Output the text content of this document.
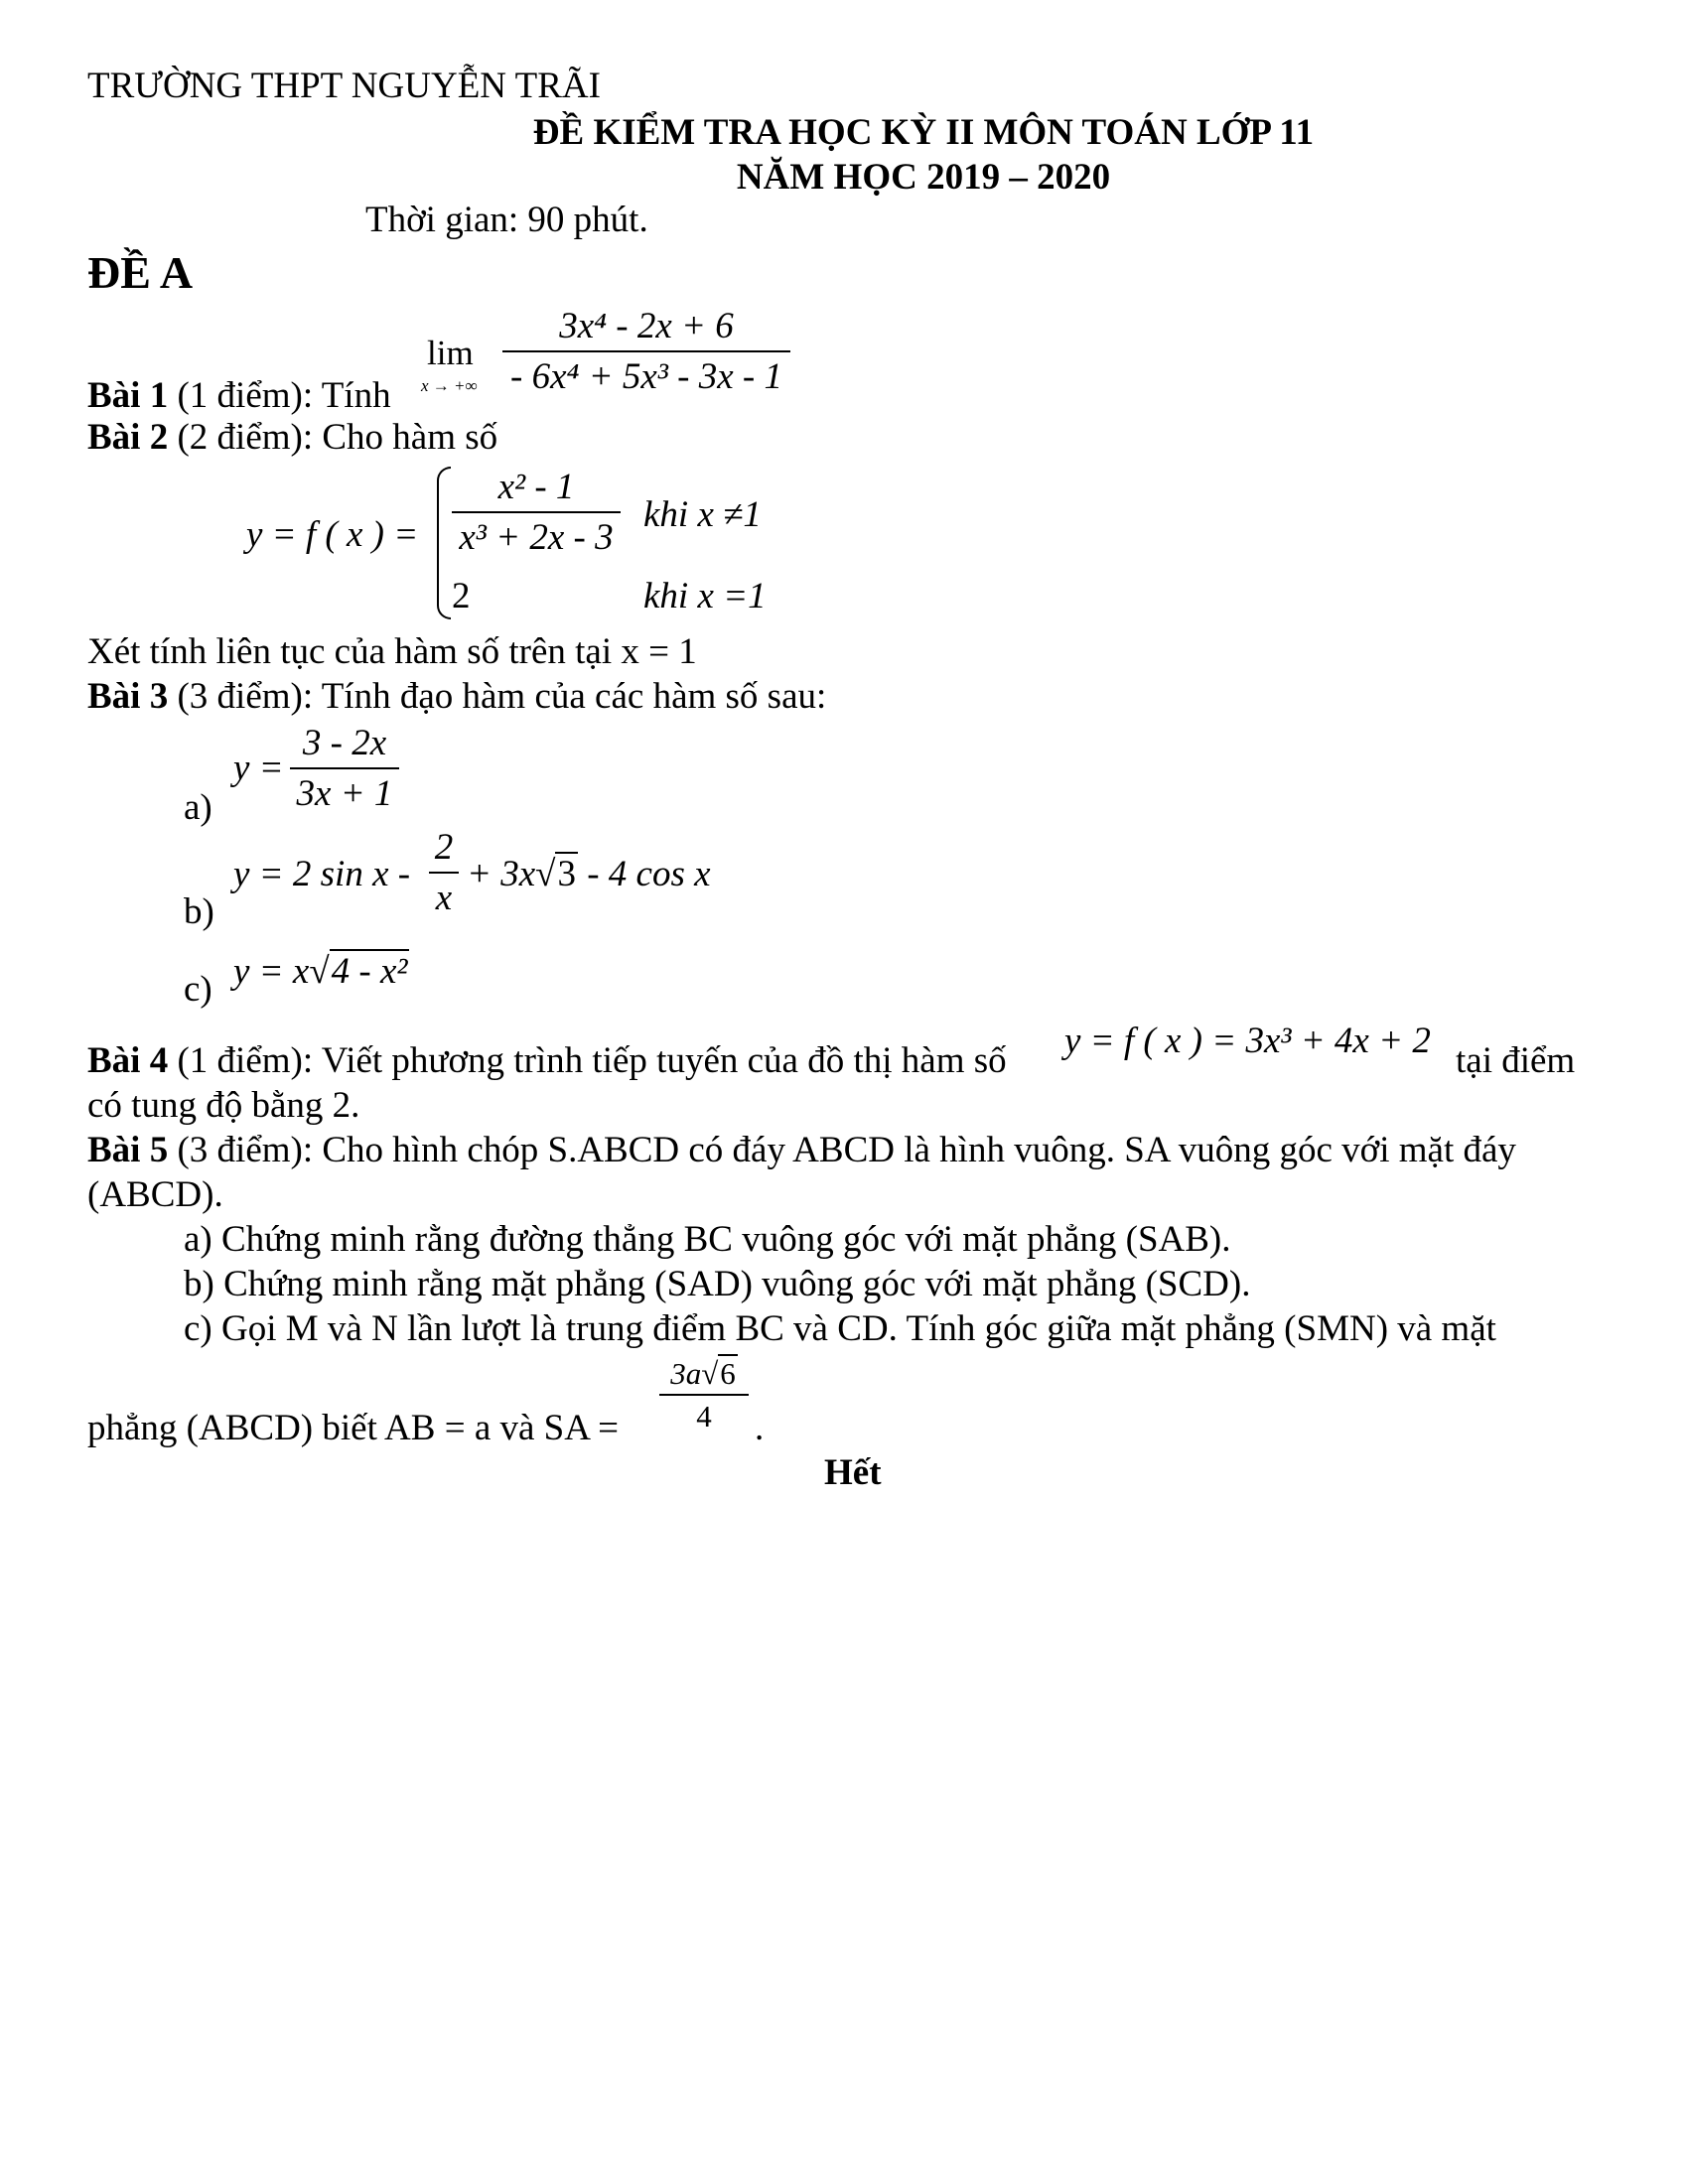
TRƯỜNG THPT NGUYỄN TRÃI
ĐỀ KIỂM TRA HỌC KỲ II MÔN TOÁN LỚP 11
NĂM HỌC 2019 – 2020
Thời gian: 90 phút.
ĐỀ A
Bài 1 (1 điểm): Tính
lim
x → +∞
3x⁴ - 2x + 6
- 6x⁴ + 5x³ - 3x - 1
Bài 2 (2 điểm): Cho hàm số
y = f ( x ) =
x² - 1
x³ + 2x - 3
khi x ≠1
2	khi x =1
Xét tính liên tục của hàm số trên tại x = 1
Bài 3 (3 điểm): Tính đạo hàm của các hàm số sau:
a)
y =
3 - 2x
3x + 1
b)
y = 2 sin x -
2
x
+ 3x√3 - 4 cos x
c) y = x√4 - x²
Bài 4 (1 điểm): Viết phương trình tiếp tuyến của đồ thị hàm số y = f ( x ) = 3x³ + 4x + 2 tại điểm
có tung độ bằng 2.
Bài 5 (3 điểm): Cho hình chóp S.ABCD có đáy ABCD là hình vuông. SA vuông góc với mặt đáy
(ABCD).
a) Chứng minh rằng đường thẳng BC vuông góc với mặt phẳng (SAB).
b) Chứng minh rằng mặt phẳng (SAD) vuông góc với mặt phẳng (SCD).
c) Gọi M và N lần lượt là trung điểm BC và CD. Tính góc giữa mặt phẳng (SMN) và mặt
phẳng (ABCD) biết AB = a và SA =
3a√6
4	.
Hết
